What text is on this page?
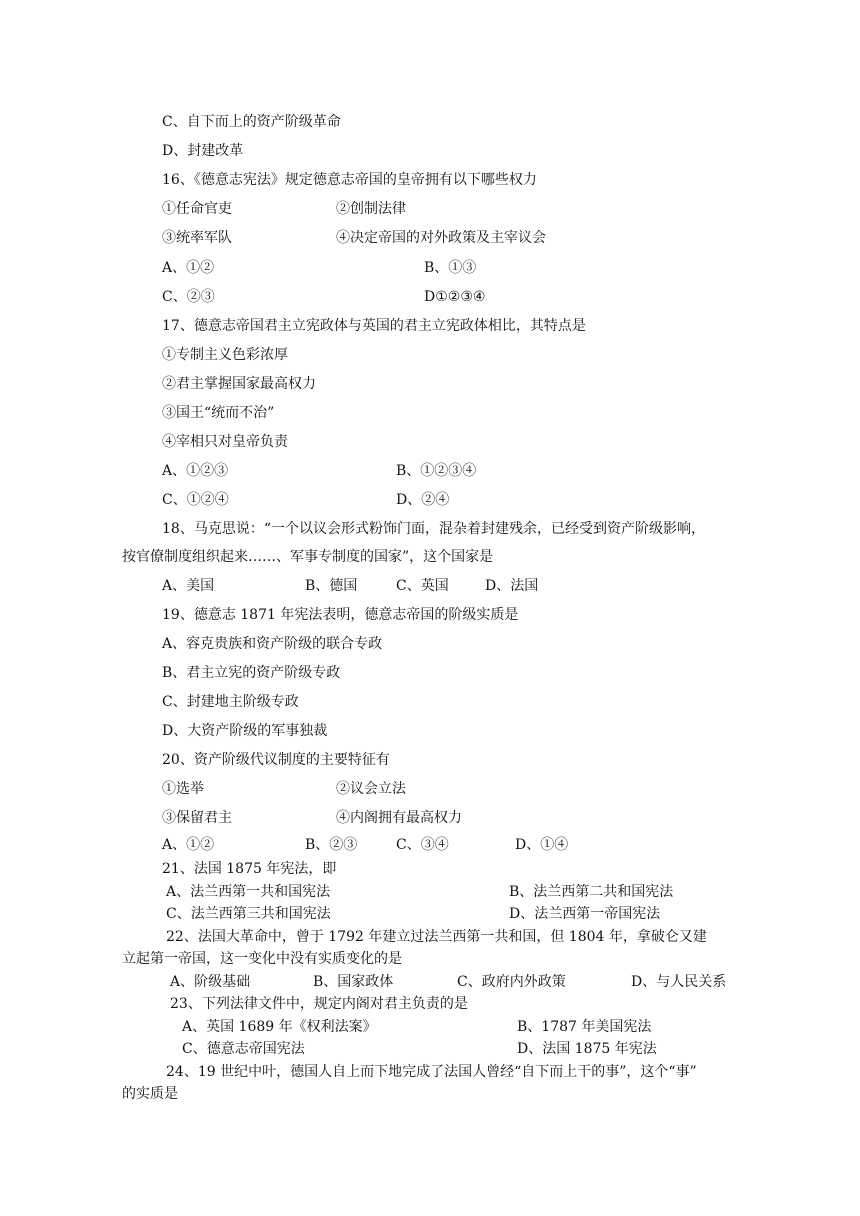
C、自下而上的资产阶级革命
D、封建改革
16、《德意志宪法》规定德意志帝国的皇帝拥有以下哪些权力
①任命官吏	②创制法律
③统率军队	④决定帝国的对外政策及主宰议会
A、①②	B、①③
C、②③	D①②③④
17、德意志帝国君主立宪政体与英国的君主立宪政体相比，其特点是
①专制主义色彩浓厚
②君主掌握国家最高权力
③国王“统而不治”
④宰相只对皇帝负责
A、①②③	B、①②③④
C、①②④	D、②④
18、马克思说：“一个以议会形式粉饰门面，混杂着封建残余，已经受到资产阶级影响，
按官僚制度组织起来……、军事专制度的国家”，这个国家是
A、美国	B、德国	C、英国	D、法国
19、德意志 1871 年宪法表明，德意志帝国的阶级实质是
A、容克贵族和资产阶级的联合专政
B、君主立宪的资产阶级专政
C、封建地主阶级专政
D、大资产阶级的军事独裁
20、资产阶级代议制度的主要特征有
①选举	②议会立法
③保留君主	④内阁拥有最高权力
A、①②	B、②③	C、③④	D、①④
21、法国 1875 年宪法，即
A、法兰西第一共和国宪法	B、法兰西第二共和国宪法
C、法兰西第三共和国宪法	D、法兰西第一帝国宪法
22、法国大革命中，曾于 1792 年建立过法兰西第一共和国，但 1804 年，拿破仑又建
立起第一帝国，这一变化中没有实质变化的是
A、阶级基础	B、国家政体	C、政府内外政策	D、与人民关系
23、下列法律文件中，规定内阁对君主负责的是
A、英国 1689 年《权利法案》	B、1787 年美国宪法
C、德意志帝国宪法	D、法国 1875 年宪法
24、19 世纪中叶，德国人自上而下地完成了法国人曾经“自下而上干的事”，这个“事”
的实质是
